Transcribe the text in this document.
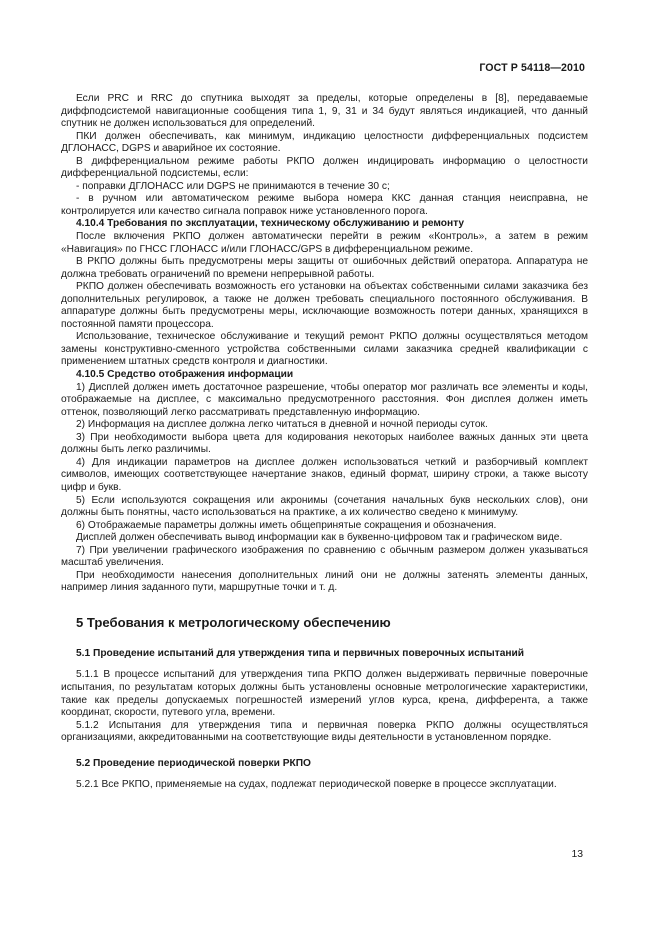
ГОСТ Р 54118—2010

Если PRC и RRC до спутника выходят за пределы, которые определены в [8], передаваемые диффподсистемой навигационные сообщения типа 1, 9, 31 и 34 будут являться индикацией, что данный спутник не должен использоваться для определений.

ПКИ должен обеспечивать, как минимум, индикацию целостности дифференциальных подсистем ДГЛОНАСС, DGPS и аварийное их состояние.

В дифференциальном режиме работы РКПО должен индицировать информацию о целостности дифференциальной подсистемы, если:

- поправки ДГЛОНАСС или DGPS не принимаются в течение 30 с;

- в ручном или автоматическом режиме выбора номера ККС данная станция неисправна, не контролируется или качество сигнала поправок ниже установленного порога.

4.10.4 Требования по эксплуатации, техническому обслуживанию и ремонту

После включения РКПО должен автоматически перейти в режим «Контроль», а затем в режим «Навигация» по ГНСС ГЛОНАСС и/или ГЛОНАСС/GPS в дифференциальном режиме.

В РКПО должны быть предусмотрены меры защиты от ошибочных действий оператора. Аппаратура не должна требовать ограничений по времени непрерывной работы.

РКПО должен обеспечивать возможность его установки на объектах собственными силами заказчика без дополнительных регулировок, а также не должен требовать специального постоянного обслуживания. В аппаратуре должны быть предусмотрены меры, исключающие возможность потери данных, хранящихся в постоянной памяти процессора.

Использование, техническое обслуживание и текущий ремонт РКПО должны осуществляться методом замены конструктивно-сменного устройства собственными силами заказчика средней квалификации с применением штатных средств контроля и диагностики.

4.10.5 Средство отображения информации

1) Дисплей должен иметь достаточное разрешение, чтобы оператор мог различать все элементы и коды, отображаемые на дисплее, с максимально предусмотренного расстояния. Фон дисплея должен иметь оттенок, позволяющий легко рассматривать представленную информацию.

2) Информация на дисплее должна легко читаться в дневной и ночной периоды суток.

3) При необходимости выбора цвета для кодирования некоторых наиболее важных данных эти цвета должны быть легко различимы.

4) Для индикации параметров на дисплее должен использоваться четкий и разборчивый комплект символов, имеющих соответствующее начертание знаков, единый формат, ширину строки, а также высоту цифр и букв.

5) Если используются сокращения или акронимы (сочетания начальных букв нескольких слов), они должны быть понятны, часто использоваться на практике, а их количество сведено к минимуму.

6) Отображаемые параметры должны иметь общепринятые сокращения и обозначения.

Дисплей должен обеспечивать вывод информации как в буквенно-цифровом так и графическом виде.

7) При увеличении графического изображения по сравнению с обычным размером должен указываться масштаб увеличения.

При необходимости нанесения дополнительных линий они не должны затенять элементы данных, например линия заданного пути, маршрутные точки и т. д.

5 Требования к метрологическому обеспечению

5.1 Проведение испытаний для утверждения типа и первичных поверочных испытаний

5.1.1 В процессе испытаний для утверждения типа РКПО должен выдерживать первичные поверочные испытания, по результатам которых должны быть установлены основные метрологические характеристики, такие как пределы допускаемых погрешностей измерений углов курса, крена, дифферента, а также координат, скорости, путевого угла, времени.

5.1.2 Испытания для утверждения типа и первичная поверка РКПО должны осуществляться организациями, аккредитованными на соответствующие виды деятельности в установленном порядке.

5.2 Проведение периодической поверки РКПО

5.2.1 Все РКПО, применяемые на судах, подлежат периодической поверке в процессе эксплуатации.

13
